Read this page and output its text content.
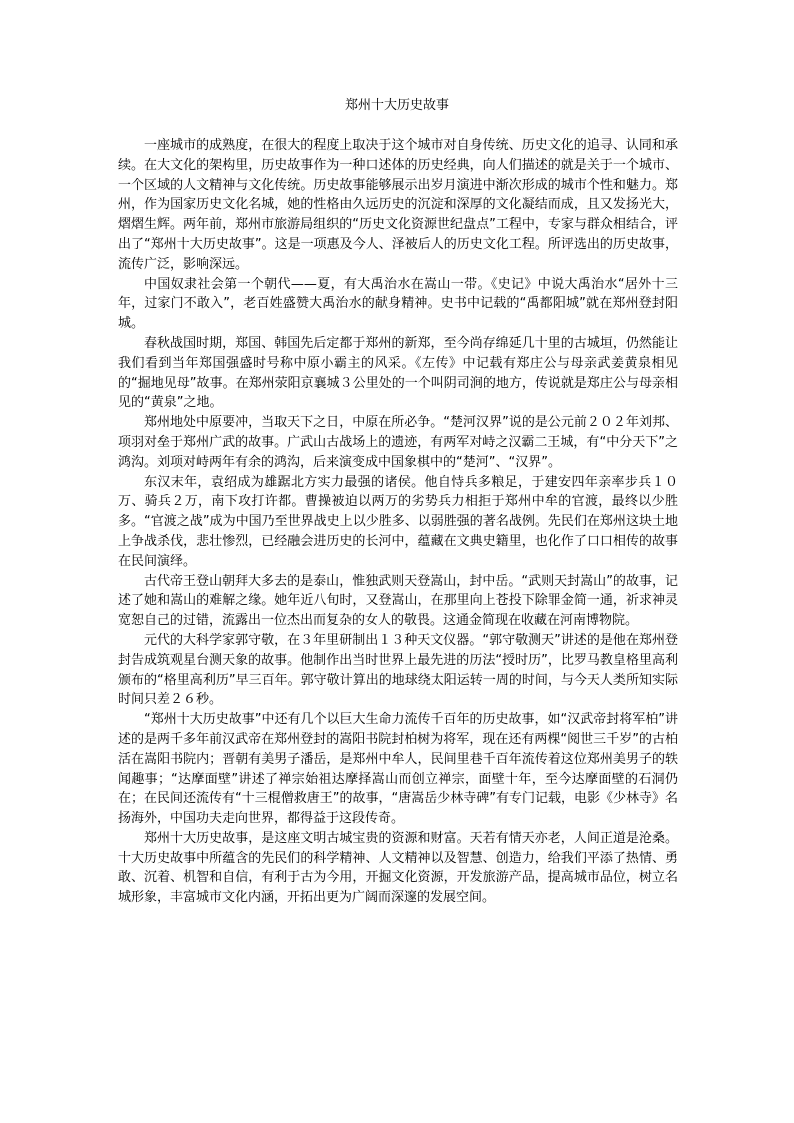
郑州十大历史故事

一座城市的成熟度，在很大的程度上取决于这个城市对自身传统、历史文化的追寻、认同和承续。在大文化的架构里，历史故事作为一种口述体的历史经典，向人们描述的就是关于一个城市、一个区域的人文精神与文化传统。历史故事能够展示出岁月演进中渐次形成的城市个性和魅力。郑州，作为国家历史文化名城，她的性格由久远历史的沉淀和深厚的文化凝结而成，且又发扬光大，熠熠生辉。两年前，郑州市旅游局组织的“历史文化资源世纪盘点”工程中，专家与群众相结合，评出了“郑州十大历史故事”。这是一项惠及今人、泽被后人的历史文化工程。所评选出的历史故事，流传广泛，影响深远。

中国奴隶社会第一个朝代——夏，有大禹治水在嵩山一带。《史记》中说大禹治水“居外十三年，过家门不敢入”，老百姓盛赞大禹治水的献身精神。史书中记载的“禹都阳城”就在郑州登封阳城。

春秋战国时期，郑国、韩国先后定都于郑州的新郑，至今尚存绵延几十里的古城垣，仍然能让我们看到当年郑国强盛时号称中原小霸主的风采。《左传》中记载有郑庄公与母亲武姜黄泉相见的“掘地见母”故事。在郑州荥阳京襄城３公里处的一个叫阴司涧的地方，传说就是郑庄公与母亲相见的“黄泉”之地。

郑州地处中原要冲，当取天下之日，中原在所必争。“楚河汉界”说的是公元前２０２年刘邦、项羽对垒于郑州广武的故事。广武山古战场上的遗迹，有两军对峙之汉霸二王城，有“中分天下”之鸿沟。刘项对峙两年有余的鸿沟，后来演变成中国象棋中的“楚河”、“汉界”。

东汉末年，袁绍成为雄踞北方实力最强的诸侯。他自恃兵多粮足，于建安四年亲率步兵１０万、骑兵２万，南下攻打许都。曹操被迫以两万的劣势兵力相拒于郑州中牟的官渡，最终以少胜多。“官渡之战”成为中国乃至世界战史上以少胜多、以弱胜强的著名战例。先民们在郑州这块土地上争战杀伐，悲壮惨烈，已经融会进历史的长河中，蕴藏在文典史籍里，也化作了口口相传的故事在民间演绎。

古代帝王登山朝拜大多去的是泰山，惟独武则天登嵩山，封中岳。“武则天封嵩山”的故事，记述了她和嵩山的难解之缘。她年近八旬时，又登嵩山，在那里向上苍投下除罪金简一通，祈求神灵宽恕自己的过错，流露出一位杰出而复杂的女人的敬畏。这通金简现在收藏在河南博物院。

元代的大科学家郭守敬，在３年里研制出１３种天文仪器。“郭守敬测天”讲述的是他在郑州登封告成筑观星台测天象的故事。他制作出当时世界上最先进的历法“授时历”，比罗马教皇格里高利颁布的“格里高利历”早三百年。郭守敬计算出的地球绕太阳运转一周的时间，与今天人类所知实际时间只差２６秒。

“郑州十大历史故事”中还有几个以巨大生命力流传千百年的历史故事，如“汉武帝封将军柏”讲述的是两千多年前汉武帝在郑州登封的嵩阳书院封柏树为将军，现在还有两棵“阅世三千岁”的古柏活在嵩阳书院内；晋朝有美男子潘岳，是郑州中牟人，民间里巷千百年流传着这位郑州美男子的轶闻趣事；“达摩面壁”讲述了禅宗始祖达摩择嵩山而创立禅宗，面壁十年，至今达摩面壁的石洞仍在；在民间还流传有“十三棍僧救唐王”的故事，“唐嵩岳少林寺碑”有专门记载，电影《少林寺》名扬海外，中国功夫走向世界，都得益于这段传奇。

郑州十大历史故事，是这座文明古城宝贵的资源和财富。天若有情天亦老，人间正道是沧桑。十大历史故事中所蕴含的先民们的科学精神、人文精神以及智慧、创造力，给我们平添了热情、勇敢、沉着、机智和自信，有利于古为今用，开掘文化资源，开发旅游产品，提高城市品位，树立名城形象，丰富城市文化内涵，开拓出更为广阔而深邃的发展空间。
